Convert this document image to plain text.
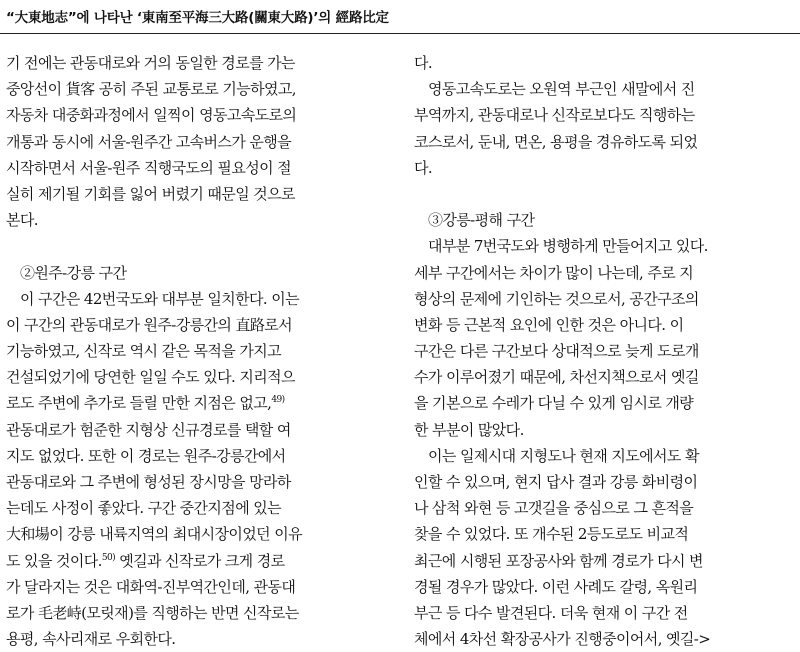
“大東地志”에 나타난 ‘東南至平海三大路(關東大路)’의 經路比定
기 전에는 관동대로와 거의 동일한 경로를 가는
중앙선이 貨客 공히 주된 교통로로 기능하였고,
자동차 대중화과정에서 일찍이 영동고속도로의
개통과 동시에 서울-원주간 고속버스가 운행을
시작하면서 서울-원주 직행국도의 필요성이 절
실히 제기될 기회를 잃어 버렸기 때문일 것으로
본다.
②원주-강릉 구간
이 구간은 42번국도와 대부분 일치한다. 이는
이 구간의 관동대로가 원주-강릉간의 直路로서
기능하였고, 신작로 역시 같은 목적을 가지고
건설되었기에 당연한 일일 수도 있다. 지리적으
로도 주변에 추가로 들릴 만한 지점은 없고,$^{49)}$
관동대로가 험준한 지형상 신규경로를 택할 여
지도 없었다. 또한 이 경로는 원주-강릉간에서
관동대로와 그 주변에 형성된 장시망을 망라하
는데도 사정이 좋았다. 구간 중간지점에 있는
大和場이 강릉 내륙지역의 최대시장이었던 이유
도 있을 것이다.$^{50)}$ 옛길과 신작로가 크게 경로
가 달라지는 것은 대화역-진부역간인데, 관동대
로가 毛老峙(모릿재)를 직행하는 반면 신작로는
용평, 속사리재로 우회한다.
다.
영동고속도로는 오원역 부근인 새말에서 진
부역까지, 관동대로나 신작로보다도 직행하는
코스로서, 둔내, 면온, 용평을 경유하도록 되었
다.
③강릉-평해 구간
대부분 7번국도와 병행하게 만들어지고 있다.
세부 구간에서는 차이가 많이 나는데, 주로 지
형상의 문제에 기인하는 것으로서, 공간구조의
변화 등 근본적 요인에 인한 것은 아니다. 이
구간은 다른 구간보다 상대적으로 늦게 도로개
수가 이루어졌기 때문에, 차선지책으로서 옛길
을 기본으로 수레가 다닐 수 있게 임시로 개량
한 부분이 많았다.
이는 일제시대 지형도나 현재 지도에서도 확
인할 수 있으며, 현지 답사 결과 강릉 화비령이
나 삼척 와현 등 고갯길을 중심으로 그 흔적을
찾을 수 있었다. 또 개수된 2등도로도 비교적
최근에 시행된 포장공사와 함께 경로가 다시 변
경될 경우가 많았다. 이런 사례도 갈령, 옥원리
부근 등 다수 발견된다. 더욱 현재 이 구간 전
체에서 4차선 확장공사가 진행중이어서, 옛길->
